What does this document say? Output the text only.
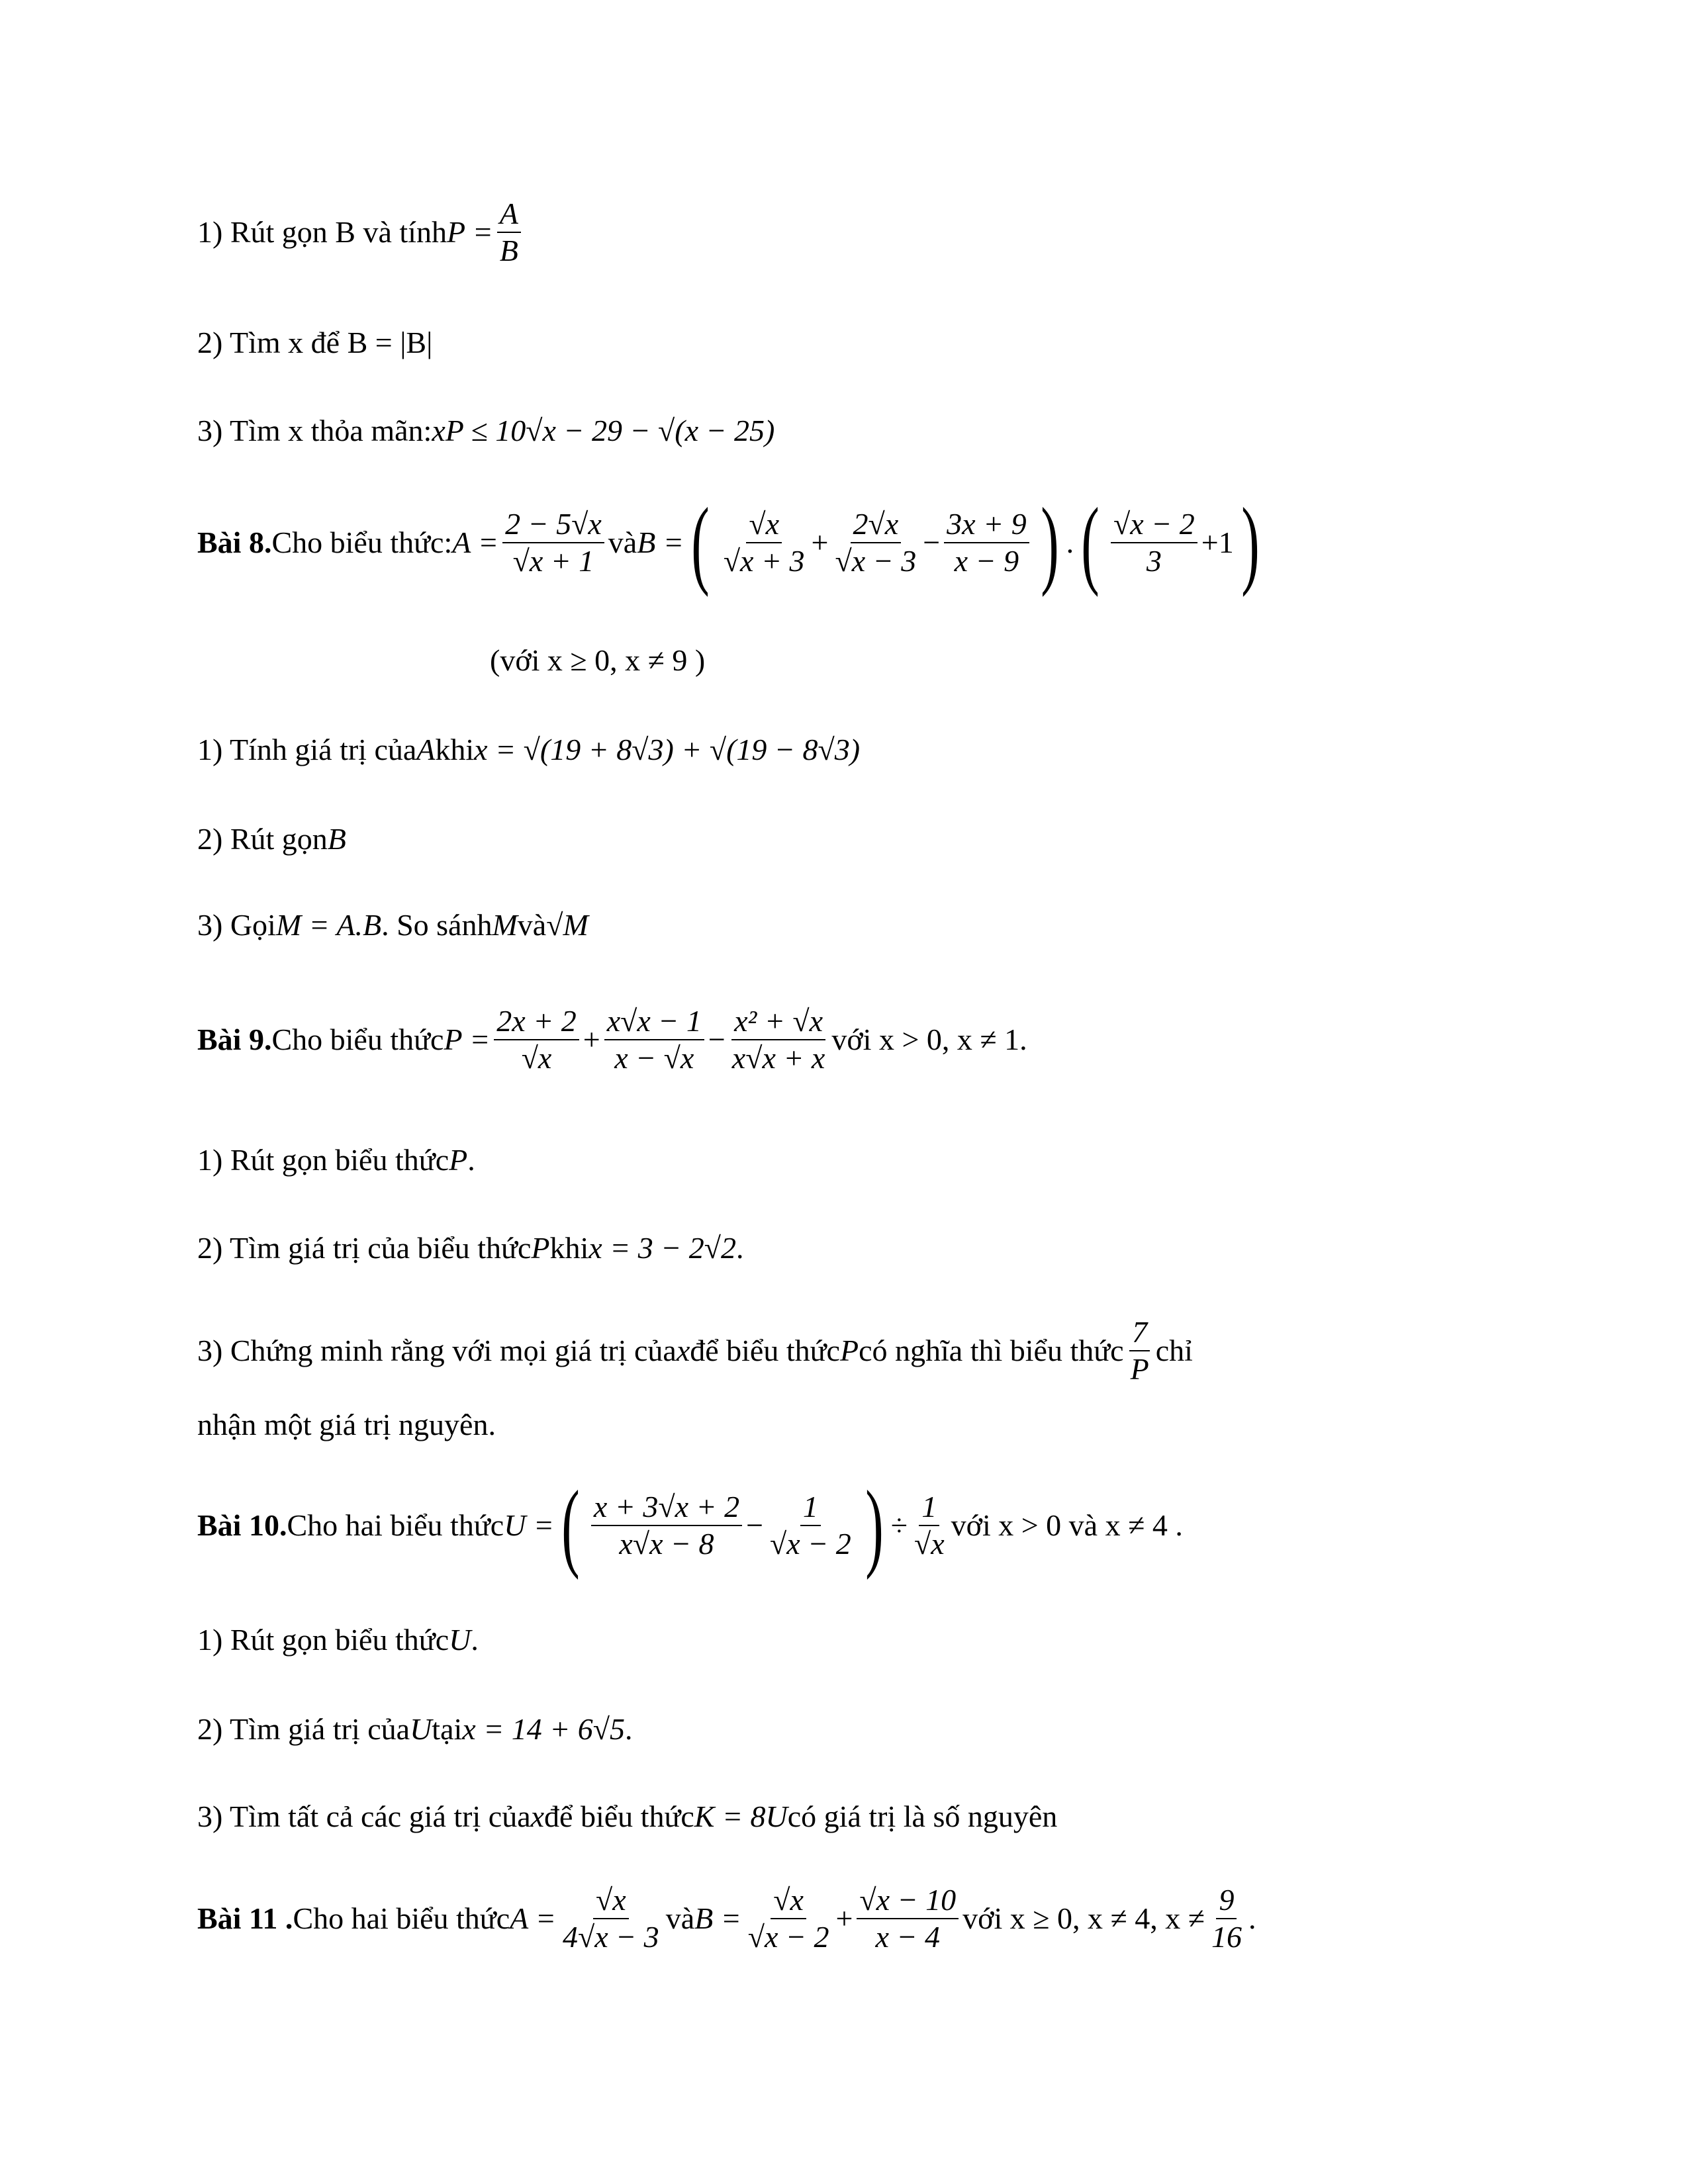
1) Rút gọn B và tính $P = \frac{A}{B}$
2) Tìm x để B = |B|
3) Tìm x thỏa mãn: xP ≤ 10√x − 29 − √(x − 25)
Bài 8. Cho biểu thức: $A = \frac{2 - 5√x}{√x + 1}$ và B = ( $\frac{√x}{√x + 3} + \frac{2√x}{√x - 3} - \frac{3x + 9}{x - 9}$ ) . ( $\frac{√x - 2}{3} +1$ )
(với x ≥ 0, x ≠ 9 )
1) Tính giá trị của A khi x = √(19 + 8√3) + √(19 − 8√3)
2) Rút gọn B
3) Gọi M = A.B . So sánh M và √M
Bài 9. Cho biểu thức $P = \frac{2x + 2}{√x} + \frac{x√x - 1}{x - √x} - \frac{\text{x² + √x}}{x√x + x}$ với x > 0, x ≠ 1.
1) Rút gọn biểu thức P .
2) Tìm giá trị của biểu thức P khi x = 3 − 2√2 .
3) Chứng minh rằng với mọi giá trị của x để biểu thức P có nghĩa thì biểu thức $\frac{7}{P}$ chỉ
nhận một giá trị nguyên.
Bài 10. Cho hai biểu thức U = ( $\frac{x + 3√x + 2}{x√x - 8} - \frac{1}{√x - 2}$ ) ÷ $\frac{1}{√x}$ với x > 0 và x ≠ 4 .
1) Rút gọn biểu thức U .
2) Tìm giá trị của U tại x = 14 + 6√5 .
3) Tìm tất cả các giá trị của x để biểu thức K = 8U có giá trị là số nguyên
Bài 11 . Cho hai biểu thức $A = \frac{√x}{4√x - 3}$ và $B = \frac{√x}{√x - 2} + \frac{√x - 10}{x - 4}$ với x ≥ 0, x ≠ 4, $x \ne \frac{9}{16}$ .
